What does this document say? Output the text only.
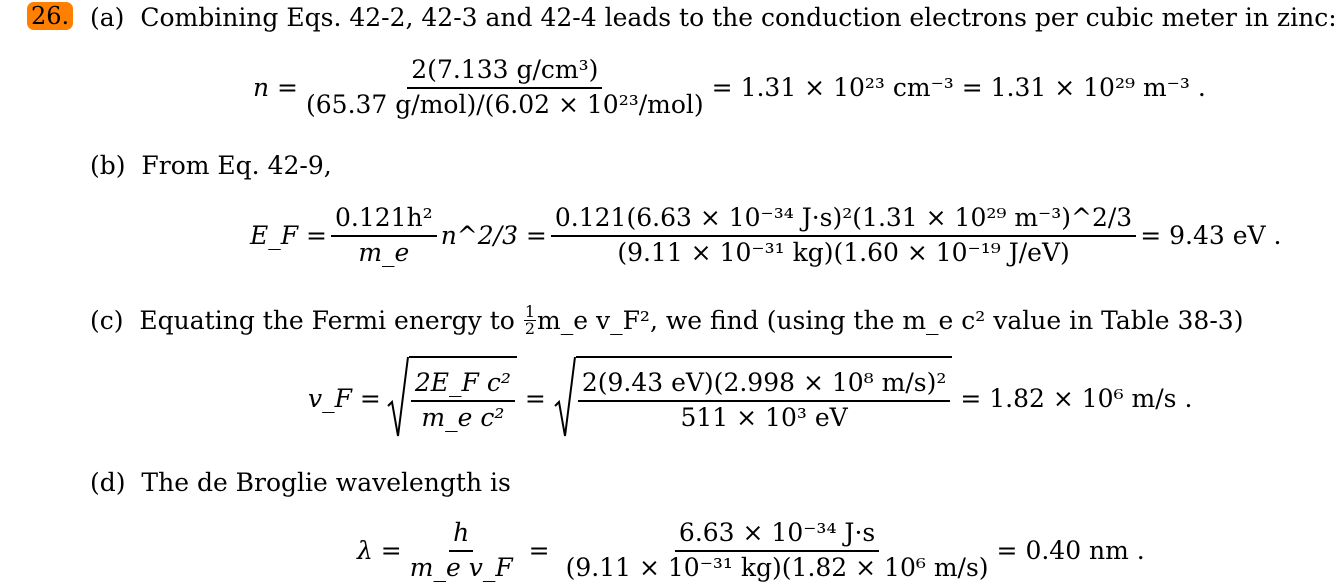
26. (a) Combining Eqs. 42-2, 42-3 and 42-4 leads to the conduction electrons per cubic meter in zinc:
$n = \frac{\text{2(7.133 g/cm³)}}{\text{(65.37 g/mol)/(6.02 × 10²³/mol)}} = 1.31 \times 10^{23}$ cm⁻³ = 1.31 × 10²⁹ m⁻³ .
(b) From Eq. 42-9,
E_F = $\frac{\text{0.121h²}}{m\_e}$ n^2/3 = $\frac{\text{0.121(6.63 × 10⁻³⁴ J·s)²(1.31 × 10²⁹ m⁻³)\textasciicircum{}2/3}}{\text{(9.11 × 10⁻³¹ kg)(1.60 × 10⁻¹⁹ J/eV)}} = 9.43$ eV .
(c)
Equating the Fermi energy to
$\frac{1}{2}$ m_e v_F², we find (using the m_e c² value in Table 38-3)
v_F = $\frac{\text{2E\_F c²}}{\text{m\_e c²}} = \frac{\text{2(9.43 eV)(2.998 × 10⁸ m/s)²}}{\text{511 × 10³ eV}} = 1.82 \times 10^6$ m/s .
(d) The de Broglie wavelength is
$\lambda = \frac{h}{\text{m\_e v\_F}} = \frac{\text{6.63 × 10⁻³⁴ J·s}}{\text{(9.11 × 10⁻³¹ kg)(1.82 × 10⁶ m/s)}} = 0.40$ nm .
